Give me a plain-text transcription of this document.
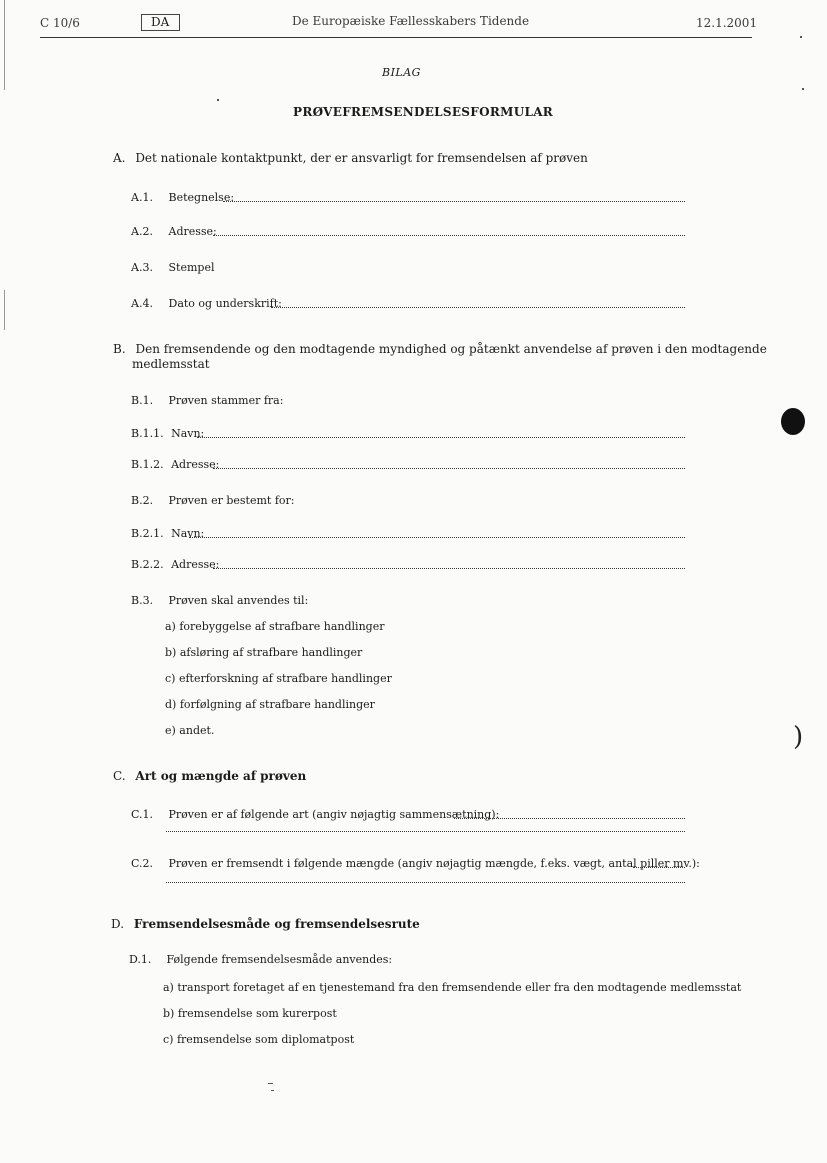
C 10/6	DA	De Europæiske Fællesskabers Tidende	12.1.2001
BILAG
PRØVEFREMSENDELSESFORMULAR
A. Det nationale kontaktpunkt, der er ansvarligt for fremsendelsen af prøven
A.1. Betegnelse:
A.2. Adresse:
A.3. Stempel
A.4. Dato og underskrift:
B. Den fremsendende og den modtagende myndighed og påtænkt anvendelse af prøven i den modtagende
medlemsstat
B.1. Prøven stammer fra:
B.1.1. Navn:
B.1.2. Adresse:
B.2. Prøven er bestemt for:
B.2.1. Navn:
B.2.2. Adresse:
B.3. Prøven skal anvendes til:
a) forebyggelse af strafbare handlinger
b) afsløring af strafbare handlinger
c) efterforskning af strafbare handlinger
d) forfølgning af strafbare handlinger
e) andet.
C. Art og mængde af prøven
C.1. Prøven er af følgende art (angiv nøjagtig sammensætning):
C.2. Prøven er fremsendt i følgende mængde (angiv nøjagtig mængde, f.eks. vægt, antal piller mv.):
D. Fremsendelsesmåde og fremsendelsesrute
D.1. Følgende fremsendelsesmåde anvendes:
a) transport foretaget af en tjenestemand fra den fremsendende eller fra den modtagende medlemsstat
b) fremsendelse som kurerpost
c) fremsendelse som diplomatpost
)
